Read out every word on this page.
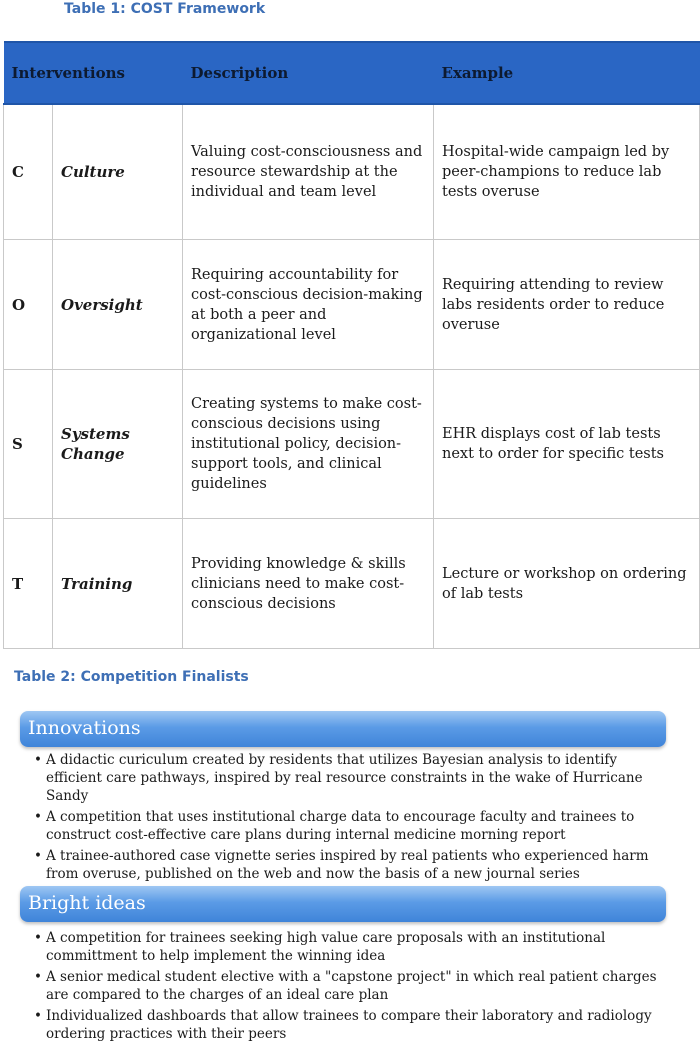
Table 1: COST Framework
Interventions		Description	Example
C	Culture	Valuing cost-consciousness and resource stewardship at the individual and team level	Hospital-wide campaign led by peer-champions to reduce lab tests overuse
O	Oversight	Requiring accountability for cost-conscious decision-making at both a peer and organizational level	Requiring attending to review labs residents order to reduce overuse
S	Systems Change	Creating systems to make cost-conscious decisions using institutional policy, decision-support tools, and clinical guidelines	EHR displays cost of lab tests next to order for specific tests
T	Training	Providing knowledge & skills clinicians need to make cost-conscious decisions	Lecture or workshop on ordering of lab tests
Table 2: Competition Finalists
Innovations
• A didactic curiculum created by residents that utilizes Bayesian analysis to identify efficient care pathways, inspired by real resource constraints in the wake of Hurricane Sandy
• A competition that uses institutional charge data to encourage faculty and trainees to construct cost-effective care plans during internal medicine morning report
• A trainee-authored case vignette series inspired by real patients who experienced harm from overuse, published on the web and now the basis of a new journal series
Bright ideas
• A competition for trainees seeking high value care proposals with an institutional committment to help implement the winning idea
• A senior medical student elective with a "capstone project" in which real patient charges are compared to the charges of an ideal care plan
• Individualized dashboards that allow trainees to compare their laboratory and radiology ordering practices with their peers
